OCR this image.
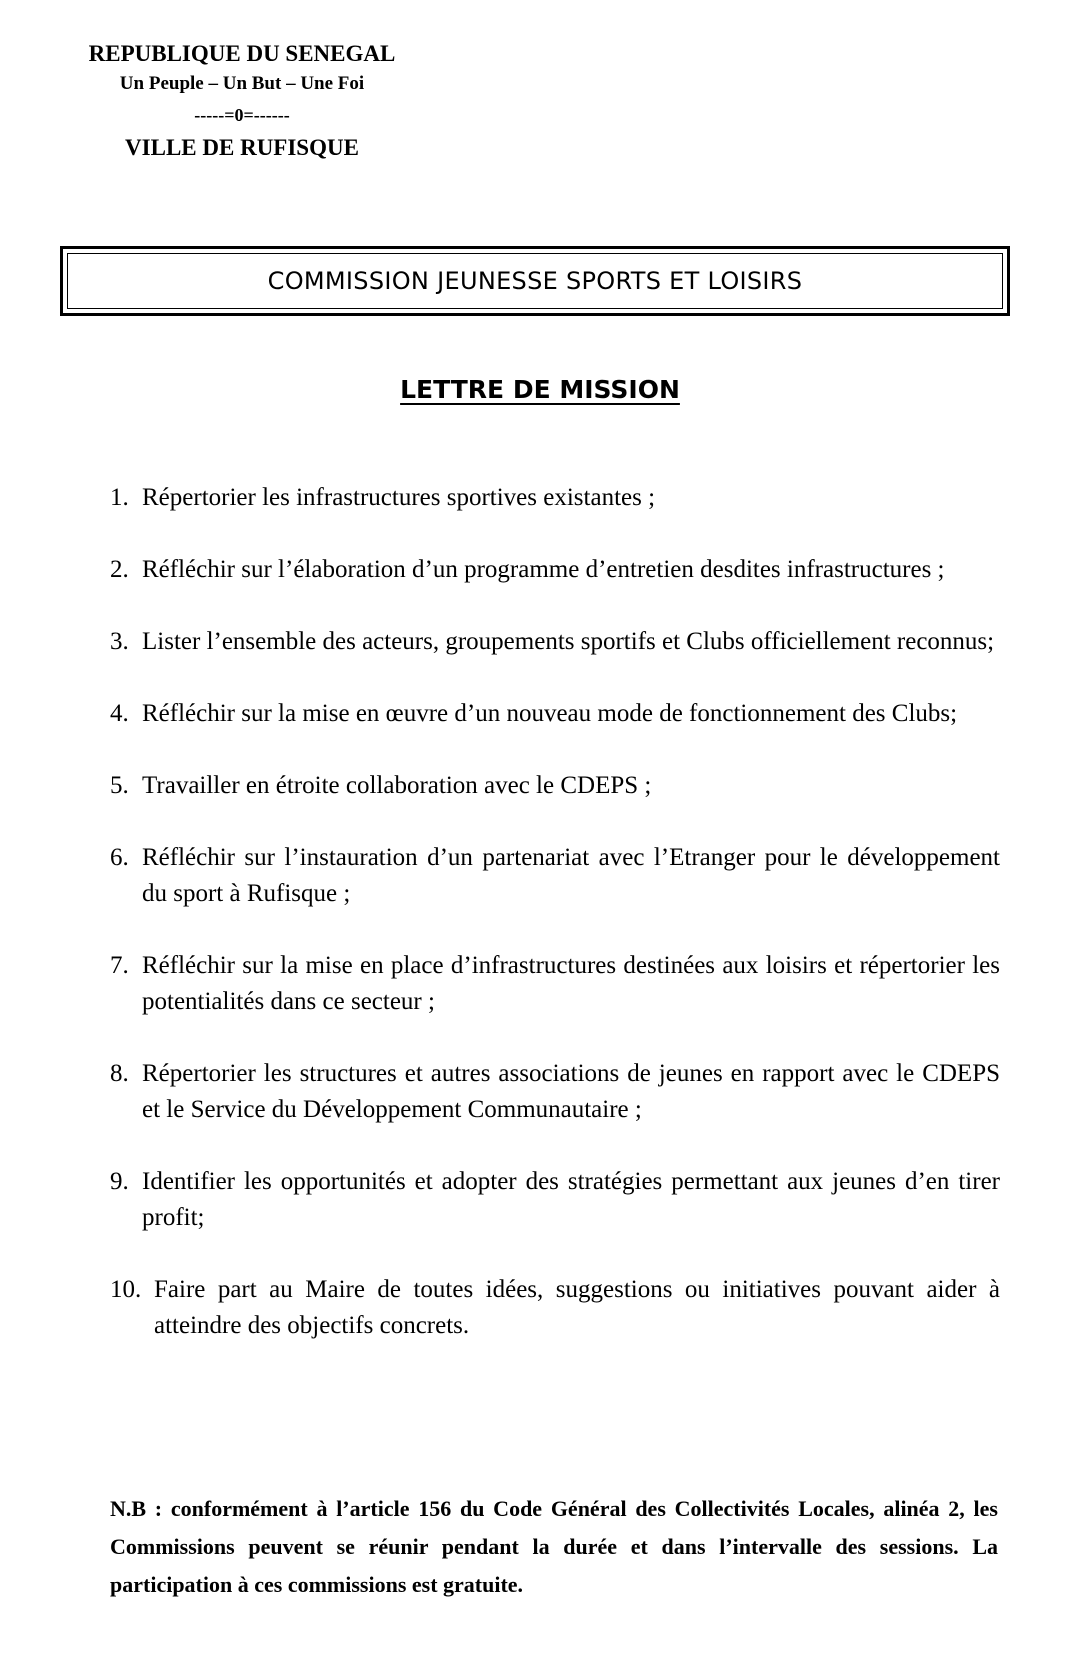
REPUBLIQUE DU SENEGAL
Un Peuple – Un But – Une Foi
-----=0=------
VILLE DE RUFISQUE
COMMISSION JEUNESSE SPORTS ET LOISIRS
LETTRE DE MISSION
1. Répertorier les infrastructures sportives existantes ;
2. Réfléchir sur l’élaboration d’un programme d’entretien desdites infrastructures ;
3. Lister l’ensemble des acteurs, groupements sportifs et Clubs officiellement reconnus;
4. Réfléchir sur la mise en œuvre d’un nouveau mode de fonctionnement des Clubs;
5. Travailler en étroite collaboration avec le CDEPS ;
6. Réfléchir sur l’instauration d’un partenariat avec l’Etranger pour le développement du sport à Rufisque ;
7. Réfléchir sur la mise en place d’infrastructures destinées aux loisirs et répertorier les potentialités dans ce secteur ;
8. Répertorier les structures et autres associations de jeunes en rapport avec le CDEPS et le Service du Développement Communautaire ;
9. Identifier les opportunités et adopter des stratégies permettant aux jeunes d’en tirer profit;
10. Faire part au Maire de toutes idées, suggestions ou initiatives pouvant aider à atteindre des objectifs concrets.
N.B : conformément à l’article 156 du Code Général des Collectivités Locales, alinéa 2, les Commissions peuvent se réunir pendant la durée et dans l’intervalle des sessions. La participation à ces commissions est gratuite.
